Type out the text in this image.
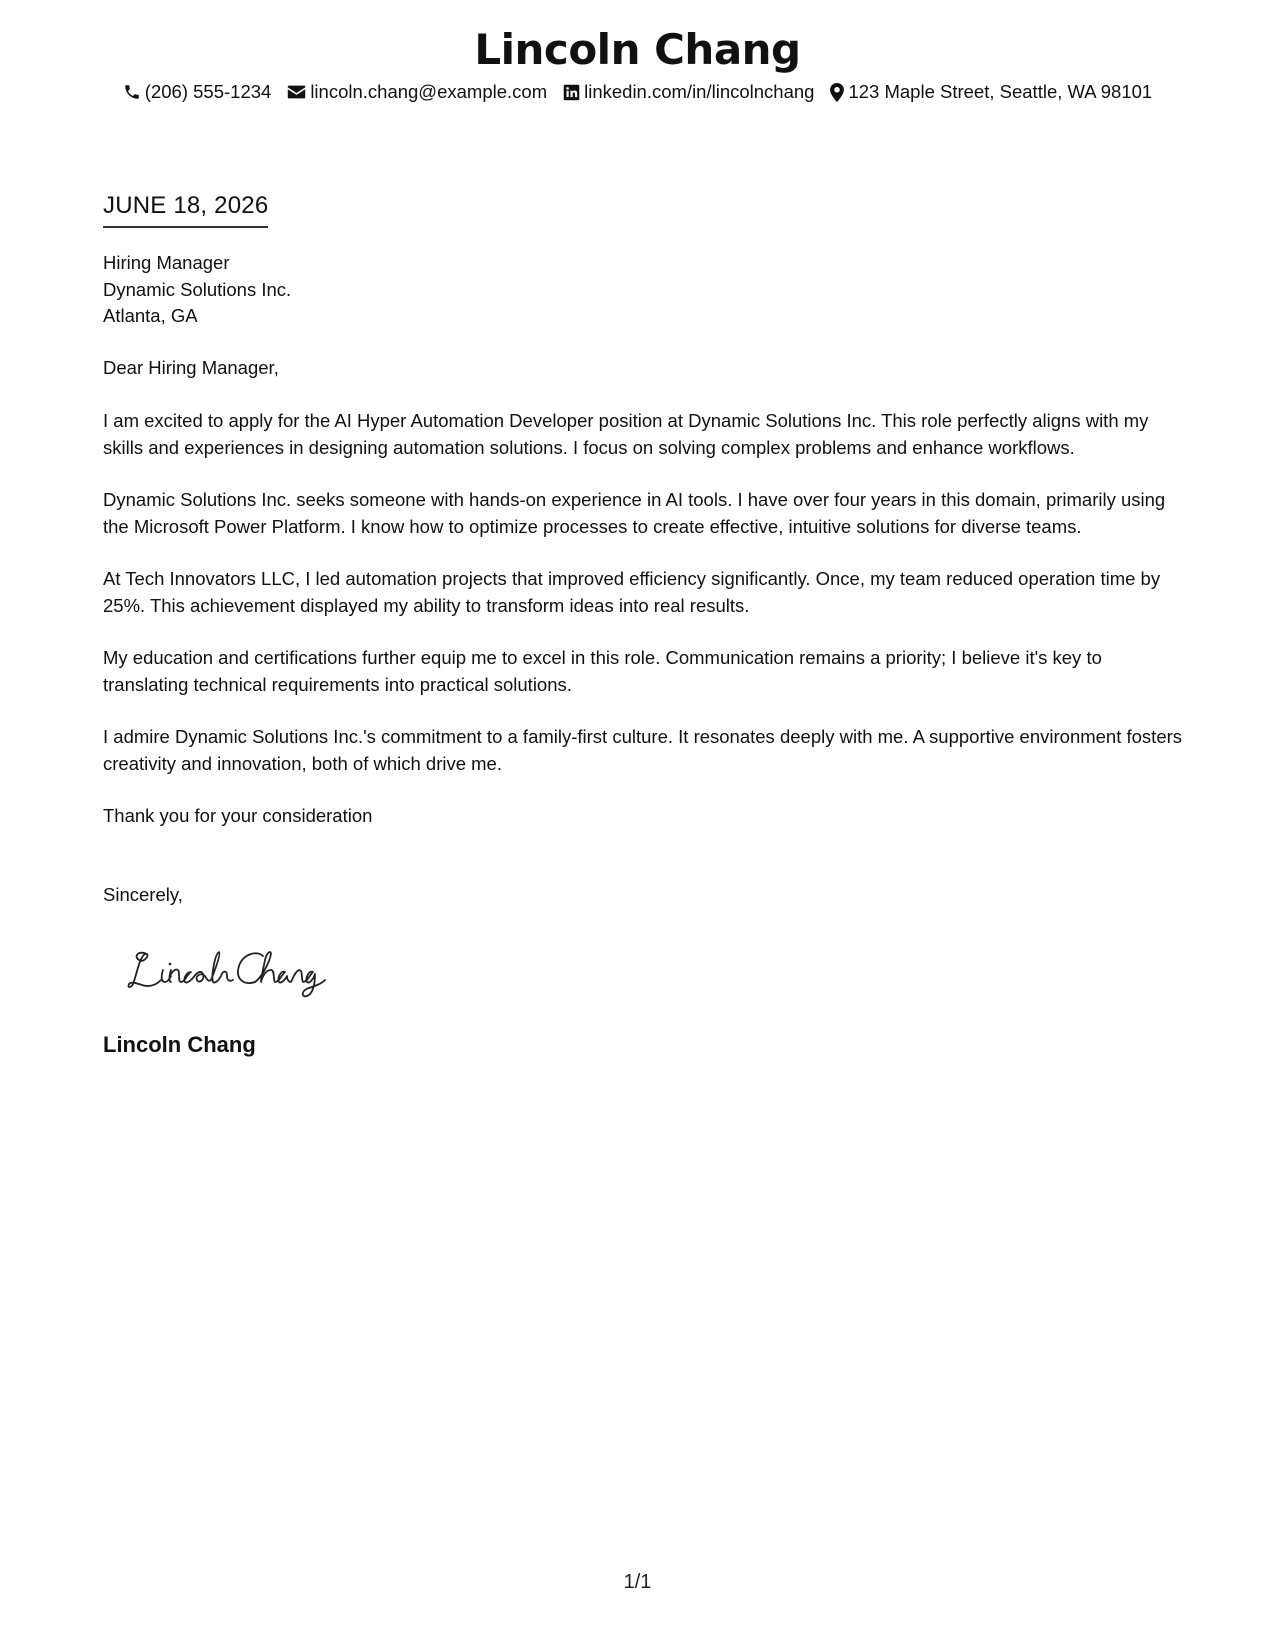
Lincoln Chang
(206) 555-1234 lincoln.chang@example.com linkedin.com/in/lincolnchang 123 Maple Street, Seattle, WA 98101
JUNE 18, 2026
Hiring Manager
Dynamic Solutions Inc.
Atlanta, GA

Dear Hiring Manager,

I am excited to apply for the AI Hyper Automation Developer position at Dynamic Solutions Inc. This role perfectly aligns with my skills and experiences in designing automation solutions. I focus on solving complex problems and enhance workflows.

Dynamic Solutions Inc. seeks someone with hands-on experience in AI tools. I have over four years in this domain, primarily using the Microsoft Power Platform. I know how to optimize processes to create effective, intuitive solutions for diverse teams.

At Tech Innovators LLC, I led automation projects that improved efficiency significantly. Once, my team reduced operation time by 25%. This achievement displayed my ability to transform ideas into real results.

My education and certifications further equip me to excel in this role. Communication remains a priority; I believe it's key to translating technical requirements into practical solutions.

I admire Dynamic Solutions Inc.'s commitment to a family-first culture. It resonates deeply with me. A supportive environment fosters creativity and innovation, both of which drive me.

Thank you for your consideration

Sincerely,

Lincoln Chang
1/1
